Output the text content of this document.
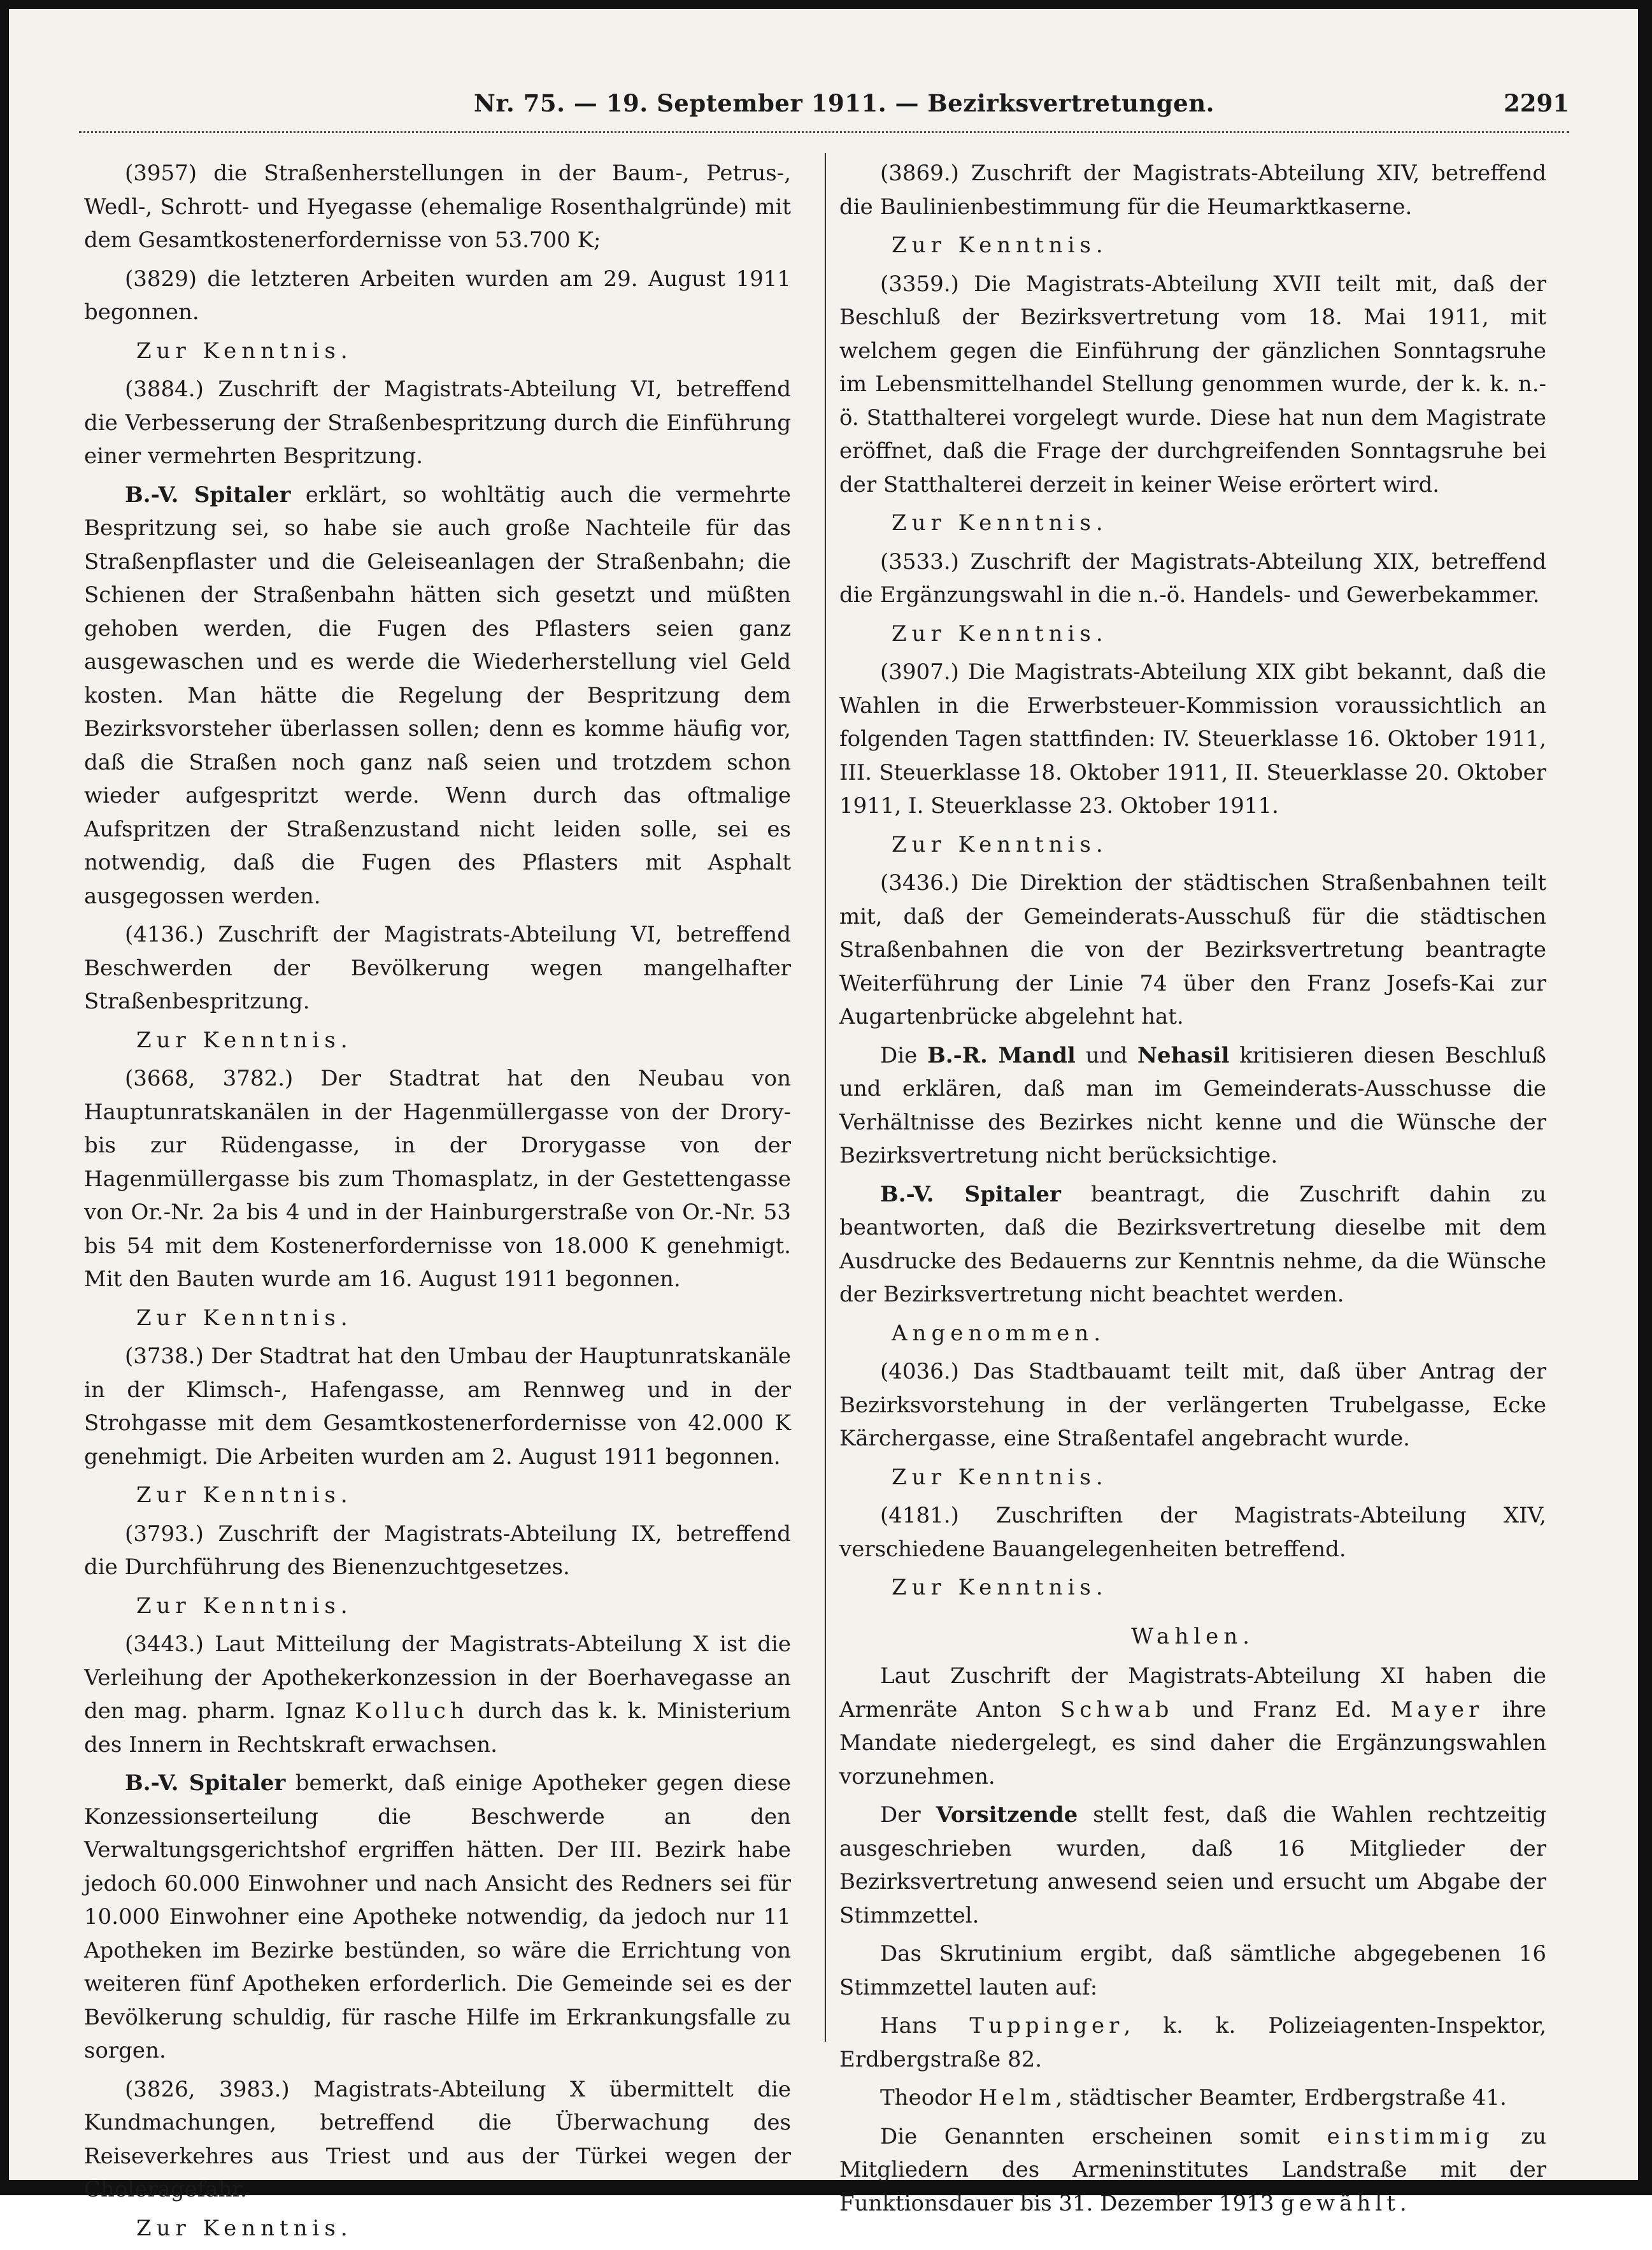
Nr. 75. — 19. September 1911. — Bezirksvertretungen.	2291

(3957) die Straßenherstellungen in der Baum-, Petrus-, Wedl-, Schrott- und Hyegasse (ehemalige Rosenthalgründe) mit dem Gesamtkostenerfordernisse von 53.700 K;

(3829) die letzteren Arbeiten wurden am 29. August 1911 begonnen.

Zur Kenntnis.

(3884.) Zuschrift der Magistrats-Abteilung VI, betreffend die Verbesserung der Straßenbespritzung durch die Einführung einer vermehrten Bespritzung.

B.-V. Spitaler erklärt, so wohltätig auch die vermehrte Bespritzung sei, so habe sie auch große Nachteile für das Straßenpflaster und die Geleiseanlagen der Straßenbahn; die Schienen der Straßenbahn hätten sich gesetzt und müßten gehoben werden, die Fugen des Pflasters seien ganz ausgewaschen und es werde die Wiederherstellung viel Geld kosten. Man hätte die Regelung der Bespritzung dem Bezirksvorsteher überlassen sollen; denn es komme häufig vor, daß die Straßen noch ganz naß seien und trotzdem schon wieder aufgespritzt werde. Wenn durch das oftmalige Aufspritzen der Straßenzustand nicht leiden solle, sei es notwendig, daß die Fugen des Pflasters mit Asphalt ausgegossen werden.

(4136.) Zuschrift der Magistrats-Abteilung VI, betreffend Beschwerden der Bevölkerung wegen mangelhafter Straßenbespritzung.

Zur Kenntnis.

(3668, 3782.) Der Stadtrat hat den Neubau von Hauptunratskanälen in der Hagenmüllergasse von der Drory- bis zur Rüdengasse, in der Drorygasse von der Hagenmüllergasse bis zum Thomasplatz, in der Gestettengasse von Or.-Nr. 2a bis 4 und in der Hainburgerstraße von Or.-Nr. 53 bis 54 mit dem Kostenerfordernisse von 18.000 K genehmigt. Mit den Bauten wurde am 16. August 1911 begonnen.

Zur Kenntnis.

(3738.) Der Stadtrat hat den Umbau der Hauptunratskanäle in der Klimsch-, Hafengasse, am Rennweg und in der Strohgasse mit dem Gesamtkostenerfordernisse von 42.000 K genehmigt. Die Arbeiten wurden am 2. August 1911 begonnen.

Zur Kenntnis.

(3793.) Zuschrift der Magistrats-Abteilung IX, betreffend die Durchführung des Bienenzuchtgesetzes.

Zur Kenntnis.

(3443.) Laut Mitteilung der Magistrats-Abteilung X ist die Verleihung der Apothekerkonzession in der Boerhavegasse an den mag. pharm. Ignaz Kolluch durch das k. k. Ministerium des Innern in Rechtskraft erwachsen.

B.-V. Spitaler bemerkt, daß einige Apotheker gegen diese Konzessionserteilung die Beschwerde an den Verwaltungsgerichtshof ergriffen hätten. Der III. Bezirk habe jedoch 60.000 Einwohner und nach Ansicht des Redners sei für 10.000 Einwohner eine Apotheke notwendig, da jedoch nur 11 Apotheken im Bezirke bestünden, so wäre die Errichtung von weiteren fünf Apotheken erforderlich. Die Gemeinde sei es der Bevölkerung schuldig, für rasche Hilfe im Erkrankungsfalle zu sorgen.

(3826, 3983.) Magistrats-Abteilung X übermittelt die Kundmachungen, betreffend die Überwachung des Reiseverkehres aus Triest und aus der Türkei wegen der Choleragefahr.

Zur Kenntnis.

(3869.) Zuschrift der Magistrats-Abteilung XIV, betreffend die Baulinienbestimmung für die Heumarktkaserne.

Zur Kenntnis.

(3359.) Die Magistrats-Abteilung XVII teilt mit, daß der Beschluß der Bezirksvertretung vom 18. Mai 1911, mit welchem gegen die Einführung der gänzlichen Sonntagsruhe im Lebensmittelhandel Stellung genommen wurde, der k. k. n.-ö. Statthalterei vorgelegt wurde. Diese hat nun dem Magistrate eröffnet, daß die Frage der durchgreifenden Sonntagsruhe bei der Statthalterei derzeit in keiner Weise erörtert wird.

Zur Kenntnis.

(3533.) Zuschrift der Magistrats-Abteilung XIX, betreffend die Ergänzungswahl in die n.-ö. Handels- und Gewerbekammer.

Zur Kenntnis.

(3907.) Die Magistrats-Abteilung XIX gibt bekannt, daß die Wahlen in die Erwerbsteuer-Kommission voraussichtlich an folgenden Tagen stattfinden: IV. Steuerklasse 16. Oktober 1911, III. Steuerklasse 18. Oktober 1911, II. Steuerklasse 20. Oktober 1911, I. Steuerklasse 23. Oktober 1911.

Zur Kenntnis.

(3436.) Die Direktion der städtischen Straßenbahnen teilt mit, daß der Gemeinderats-Ausschuß für die städtischen Straßenbahnen die von der Bezirksvertretung beantragte Weiterführung der Linie 74 über den Franz Josefs-Kai zur Augartenbrücke abgelehnt hat.

Die B.-R. Mandl und Nehasil kritisieren diesen Beschluß und erklären, daß man im Gemeinderats-Ausschusse die Verhältnisse des Bezirkes nicht kenne und die Wünsche der Bezirksvertretung nicht berücksichtige.

B.-V. Spitaler beantragt, die Zuschrift dahin zu beantworten, daß die Bezirksvertretung dieselbe mit dem Ausdrucke des Bedauerns zur Kenntnis nehme, da die Wünsche der Bezirksvertretung nicht beachtet werden.

Angenommen.

(4036.) Das Stadtbauamt teilt mit, daß über Antrag der Bezirksvorstehung in der verlängerten Trubelgasse, Ecke Kärchergasse, eine Straßentafel angebracht wurde.

Zur Kenntnis.

(4181.) Zuschriften der Magistrats-Abteilung XIV, verschiedene Bauangelegenheiten betreffend.

Zur Kenntnis.

Wahlen.

Laut Zuschrift der Magistrats-Abteilung XI haben die Armenräte Anton Schwab und Franz Ed. Mayer ihre Mandate niedergelegt, es sind daher die Ergänzungswahlen vorzunehmen.

Der Vorsitzende stellt fest, daß die Wahlen rechtzeitig ausgeschrieben wurden, daß 16 Mitglieder der Bezirksvertretung anwesend seien und ersucht um Abgabe der Stimmzettel.

Das Skrutinium ergibt, daß sämtliche abgegebenen 16 Stimmzettel lauten auf:

Hans Tuppinger, k. k. Polizeiagenten-Inspektor, Erdbergstraße 82.

Theodor Helm, städtischer Beamter, Erdbergstraße 41.

Die Genannten erscheinen somit einstimmig zu Mitgliedern des Armeninstitutes Landstraße mit der Funktionsdauer bis 31. Dezember 1913 gewählt.
